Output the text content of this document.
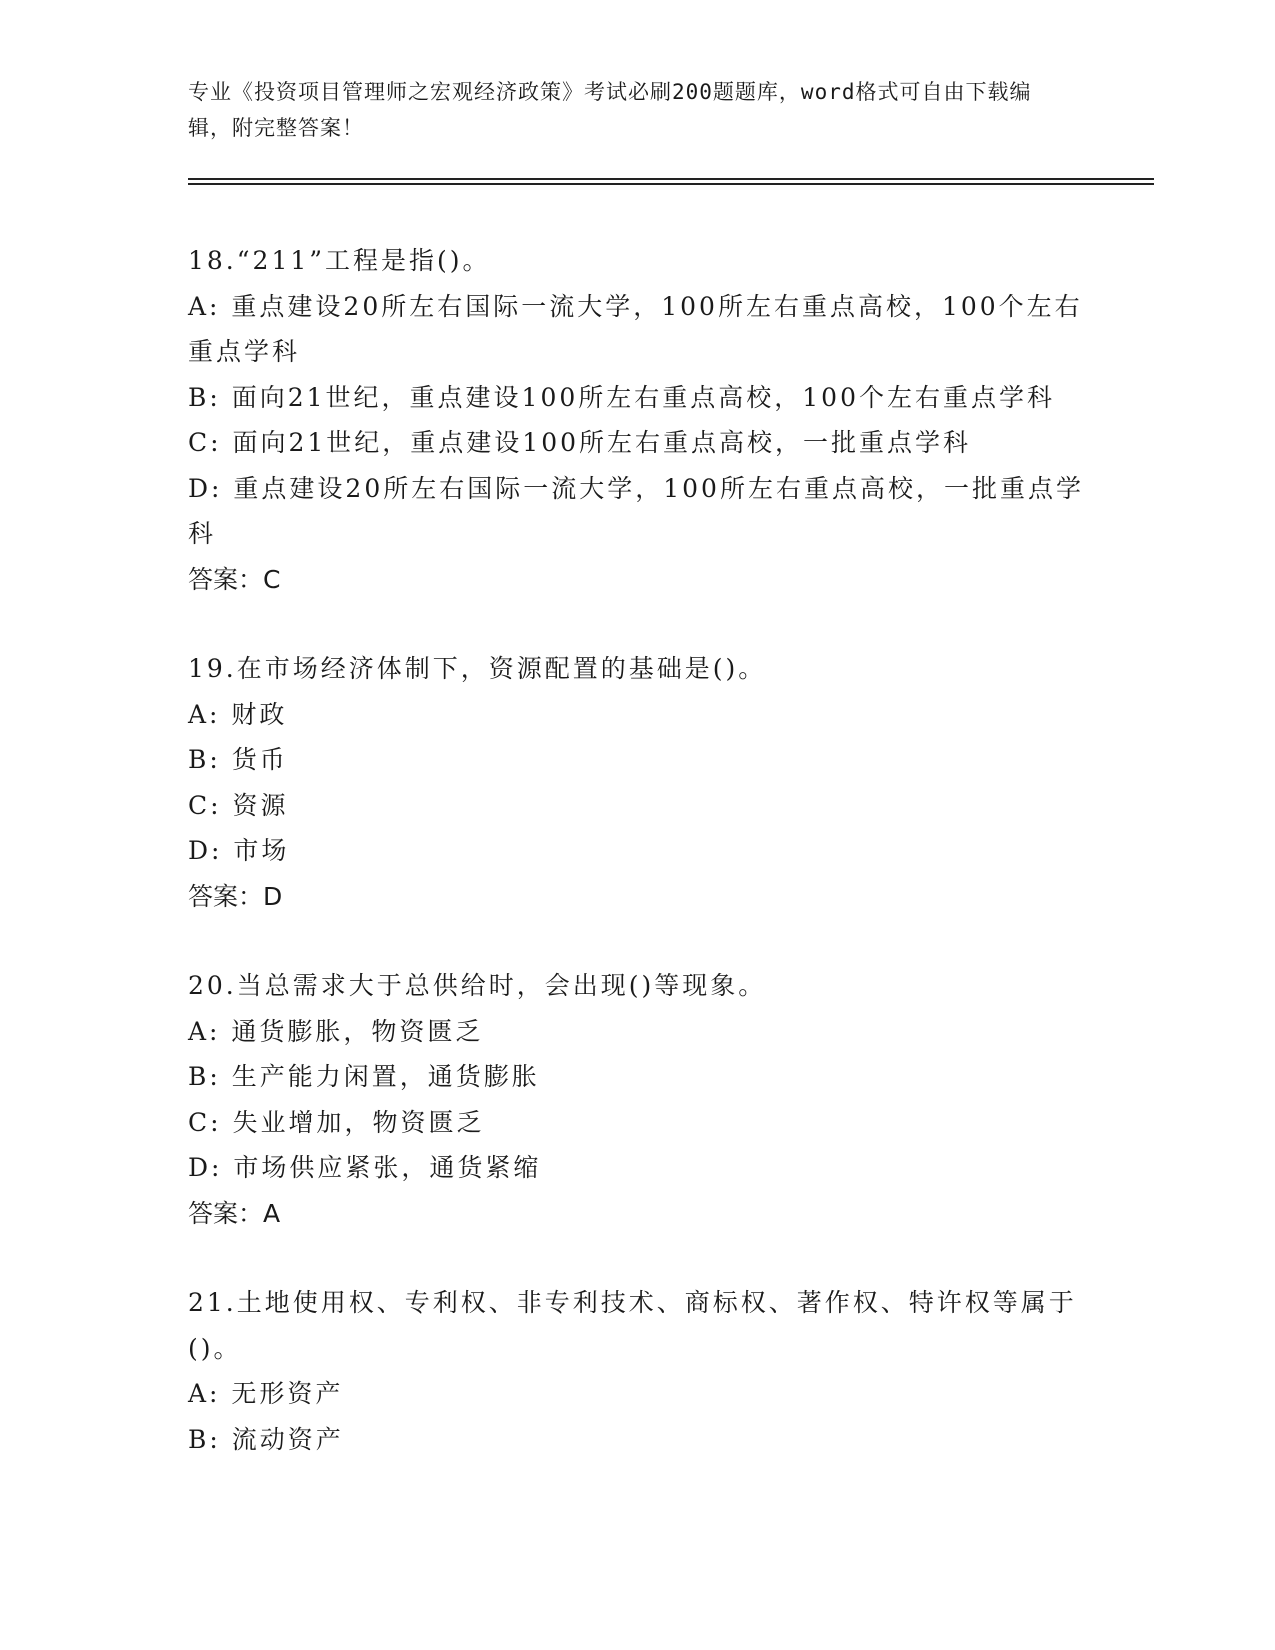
专业《投资项目管理师之宏观经济政策》考试必刷200题题库，word格式可自由下载编辑，附完整答案！
18.“211”工程是指()。
A: 重点建设20所左右国际一流大学，100所左右重点高校，100个左右重点学科
B: 面向21世纪，重点建设100所左右重点高校，100个左右重点学科
C: 面向21世纪，重点建设100所左右重点高校，一批重点学科
D: 重点建设20所左右国际一流大学，100所左右重点高校，一批重点学科
答案：C
19.在市场经济体制下，资源配置的基础是()。
A: 财政
B: 货币
C: 资源
D: 市场
答案：D
20.当总需求大于总供给时，会出现()等现象。
A: 通货膨胀，物资匮乏
B: 生产能力闲置，通货膨胀
C: 失业增加，物资匮乏
D: 市场供应紧张，通货紧缩
答案：A
21.土地使用权、专利权、非专利技术、商标权、著作权、特许权等属于()。
A: 无形资产
B: 流动资产
